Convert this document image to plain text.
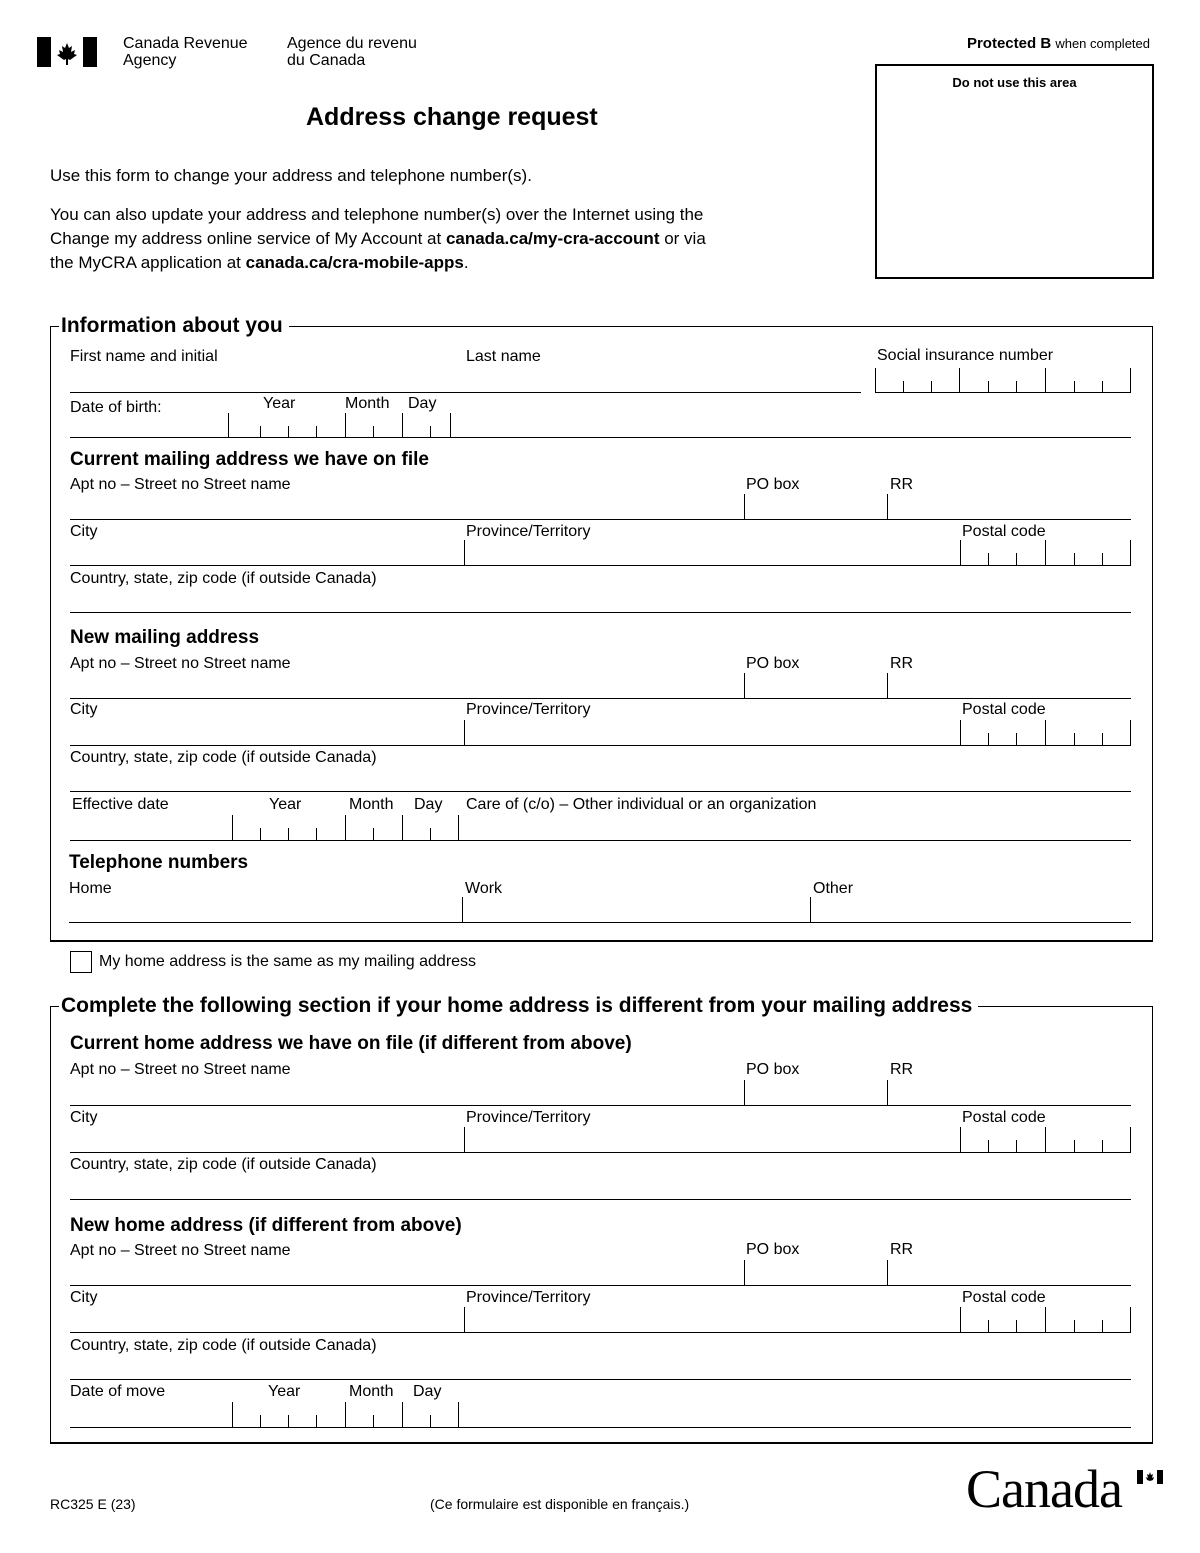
Canada Revenue
Agency
Agence du revenu
du Canada
Protected B when completed
Do not use this area
Address change request
Use this form to change your address and telephone number(s).
You can also update your address and telephone number(s) over the Internet using the
Change my address online service of My Account at canada.ca/my-cra-account or via
the MyCRA application at canada.ca/cra-mobile-apps.
Information about you
First name and initial	Last name	Social insurance number
Date of birth:	Year	Month Day
Current mailing address we have on file
Apt no – Street no Street name	PO box	RR
City	Province/Territory	Postal code
Country, state, zip code (if outside Canada)
New mailing address
Apt no – Street no Street name	PO box	RR
City	Province/Territory	Postal code
Country, state, zip code (if outside Canada)
Effective date	Year	Month Day Care of (c/o) – Other individual or an organization
Telephone numbers
Home	Work	Other
My home address is the same as my mailing address
Complete the following section if your home address is different from your mailing address
Current home address we have on file (if different from above)
Apt no – Street no Street name	PO box	RR
City	Province/Territory	Postal code
Country, state, zip code (if outside Canada)
New home address (if different from above)
Apt no – Street no Street name	PO box	RR
City	Province/Territory	Postal code
Country, state, zip code (if outside Canada)
Date of move	Year	Month Day
RC325 E (23)	(Ce formulaire est disponible en français.)	Canada
